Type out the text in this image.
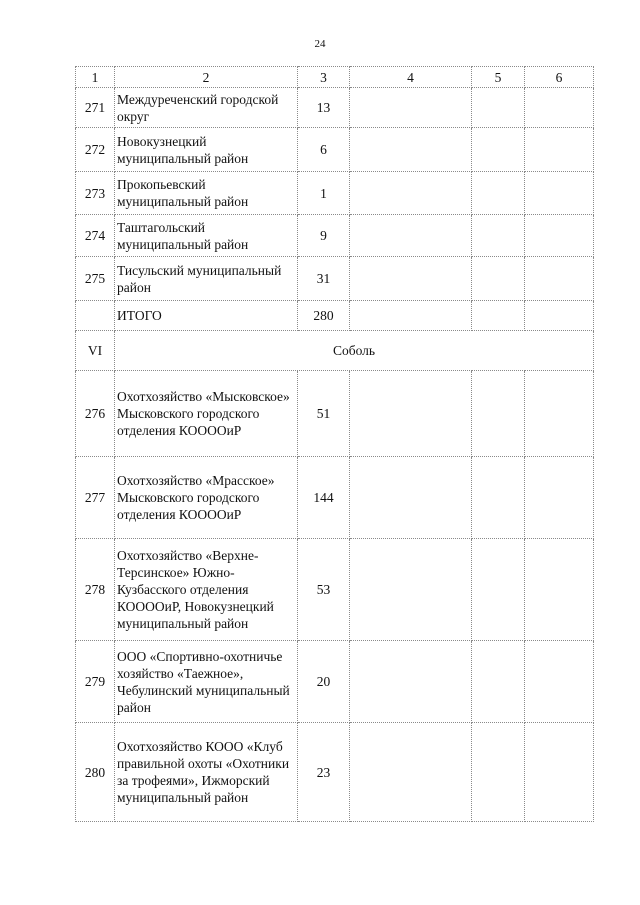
24
1	2	3	4	5	6
271	Междуреченский городской округ	13			
272	Новокузнецкий муниципальный район	6			
273	Прокопьевский муниципальный район	1			
274	Таштагольский муниципальный район	9			
275	Тисульский муниципальный район	31			
	ИТОГО	280			
VI	Соболь				
276	Охотхозяйство «Мысковское» Мысковского городского отделения КООООиР	51			
277	Охотхозяйство «Мрасское» Мысковского городского отделения КООООиР	144			
278	Охотхозяйство «Верхне-Терсинское» Южно-Кузбасского отделения КООООиР, Новокузнецкий муниципальный район	53			
279	ООО «Спортивно-охотничье хозяйство «Таежное», Чебулинский муниципальный район	20			
280	Охотхозяйство КООО «Клуб правильной охоты «Охотники за трофеями», Ижморский муниципальный район	23			
